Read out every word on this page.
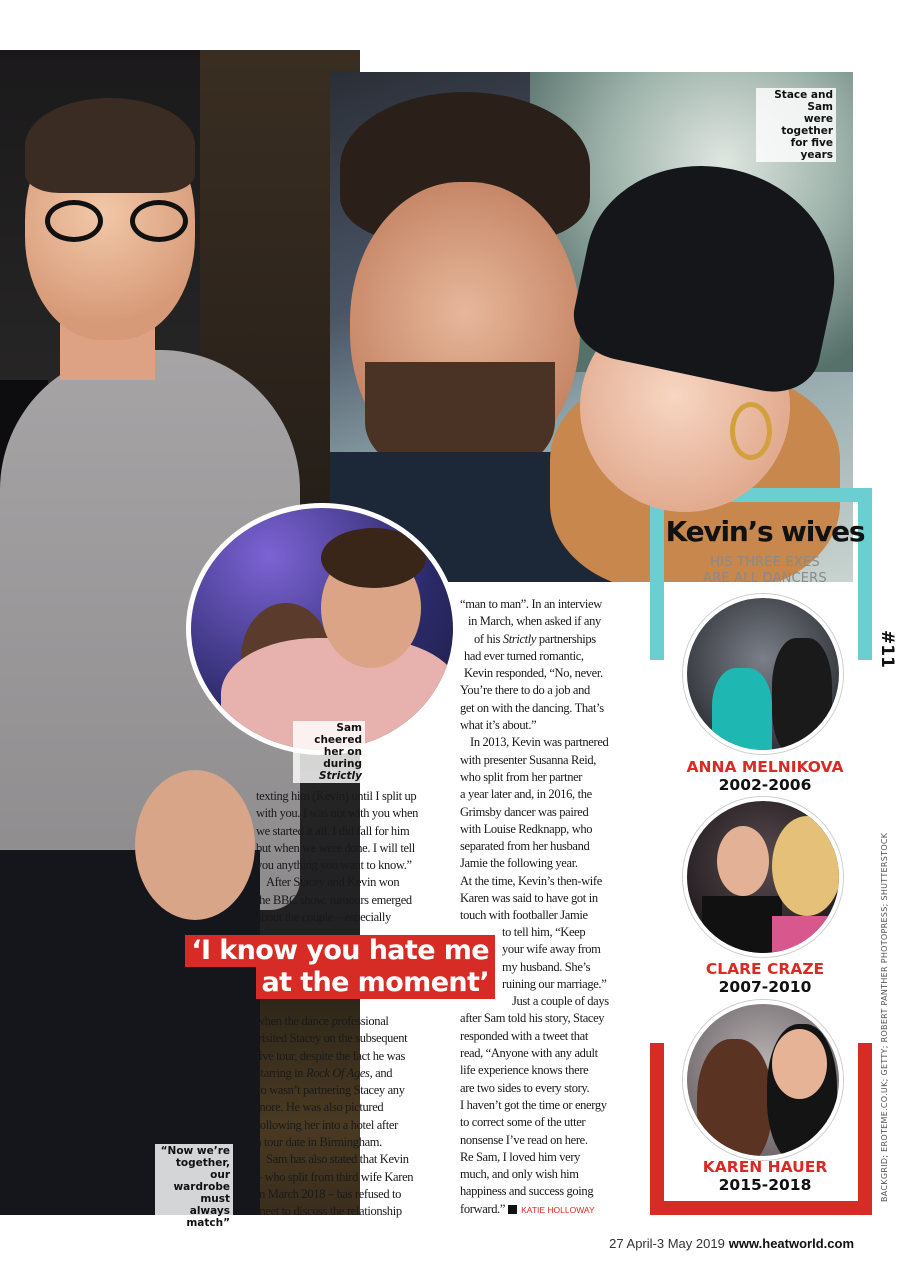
Stace and Sam
were together
for five years
Sam cheered
her on during
Strictly
“Now we’re
together, our
wardrobe must
always match”

texting him (Kevin) until I split up

with you. I was not with you when

we started it all. I did fall for him

but when we were done. I will tell

you anything you want to know.”

After Stacey and Kevin won

the BBC show, rumours emerged

about the couple – especially

‘I know you hate me
at the moment’

when the dance professional

visited Stacey on the subsequent

live tour, despite the fact he was

starring in Rock Of Ages, and

so wasn’t partnering Stacey any

more. He was also pictured

following her into a hotel after

a tour date in Birmingham.

Sam has also stated that Kevin

– who split from third wife Karen

in March 2018 – has refused to

meet to discuss the relationship

“man to man”. In an interview

in March, when asked if any

of his Strictly partnerships

had ever turned romantic,

Kevin responded, “No, never.

You’re there to do a job and

get on with the dancing. That’s

what it’s about.”

In 2013, Kevin was partnered

with presenter Susanna Reid,

who split from her partner

a year later and, in 2016, the

Grimsby dancer was paired

with Louise Redknapp, who

separated from her husband

Jamie the following year.

At the time, Kevin’s then-wife

Karen was said to have got in

touch with footballer Jamie

to tell him, “Keep

your wife away from

my husband. She’s

ruining our marriage.”

Just a couple of days

after Sam told his story, Stacey

responded with a tweet that

read, “Anyone with any adult

life experience knows there

are two sides to every story.

I haven’t got the time or energy

to correct some of the utter

nonsense I’ve read on here.

Re Sam, I loved him very

much, and only wish him

happiness and success going

forward.” KATIE HOLLOWAY

Kevin’s wives
HIS THREE EXES
ARE ALL DANCERS
ANNA MELNIKOVA
2002-2006
CLARE CRAZE
2007-2010
KAREN HAUER
2015-2018
#11
BACKGRID; EROTEME.CO.UK; GETTY; ROBERT PANTHER PHOTOPRESS; SHUTTERSTOCK
27 April-3 May 2019 www.heatworld.com
